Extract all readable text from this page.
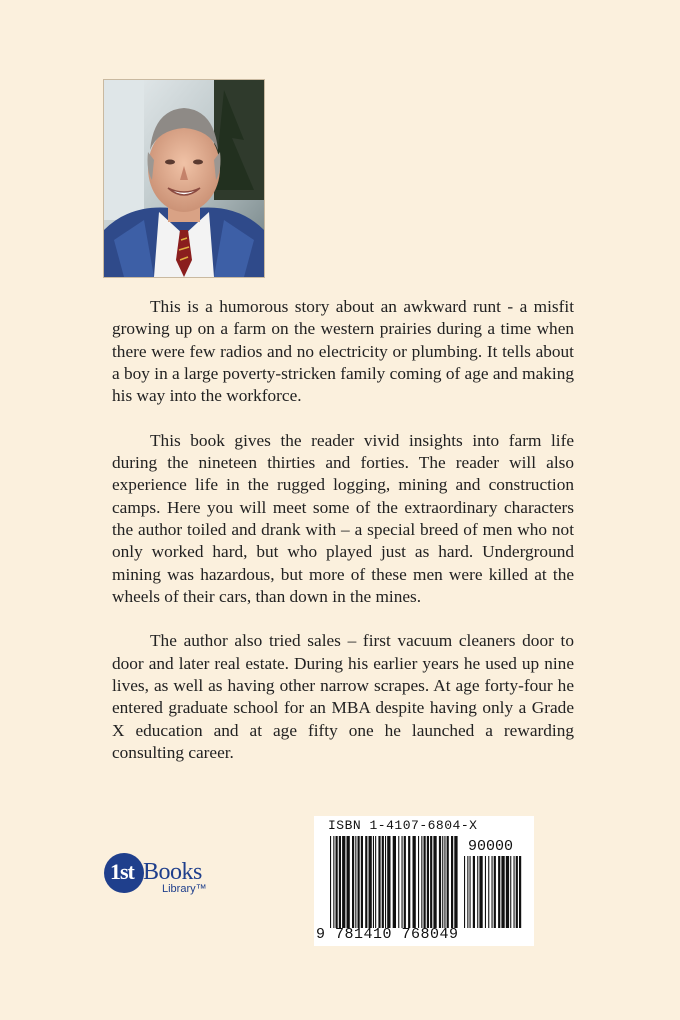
This is a humorous story about an awkward runt - a misfit growing up on a farm on the western prairies during a time when there were few radios and no electricity or plumbing. It tells about a boy in a large poverty-stricken family coming of age and making his way into the workforce.

This book gives the reader vivid insights into farm life during the nineteen thirties and forties. The reader will also experience life in the rugged logging, mining and construction camps. Here you will meet some of the extraordinary characters the author toiled and drank with – a special breed of men who not only worked hard, but who played just as hard. Underground mining was hazardous, but more of these men were killed at the wheels of their cars, than down in the mines.

The author also tried sales – first vacuum cleaners door to door and later real estate. During his earlier years he used up nine lives, as well as having other narrow scrapes. At age forty-four he entered graduate school for an MBA despite having only a Grade X education and at age fifty one he launched a rewarding consulting career.

1st Books
Library™
ISBN 1-4107-6804-X
90000
9 781410 768049
